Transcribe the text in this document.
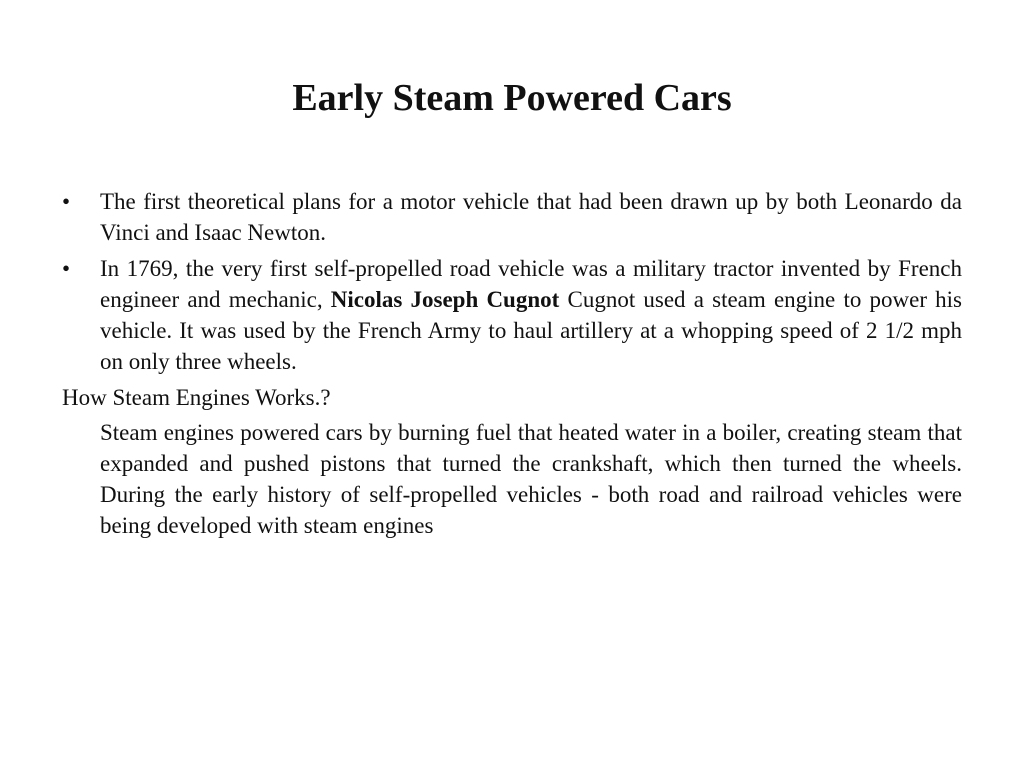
Early Steam Powered Cars
•	The first theoretical plans for a motor vehicle that had been drawn up by both Leonardo da Vinci and Isaac Newton.
•	In 1769, the very first self-propelled road vehicle was a military tractor invented by French engineer and mechanic, Nicolas Joseph Cugnot Cugnot used a steam engine to power his vehicle. It was used by the French Army to haul artillery at a whopping speed of 2 1/2 mph on only three wheels.
How Steam Engines Works.?

Steam engines powered cars by burning fuel that heated water in a boiler, creating steam that expanded and pushed pistons that turned the crankshaft, which then turned the wheels. During the early history of self-propelled vehicles - both road and railroad vehicles were being developed with steam engines
